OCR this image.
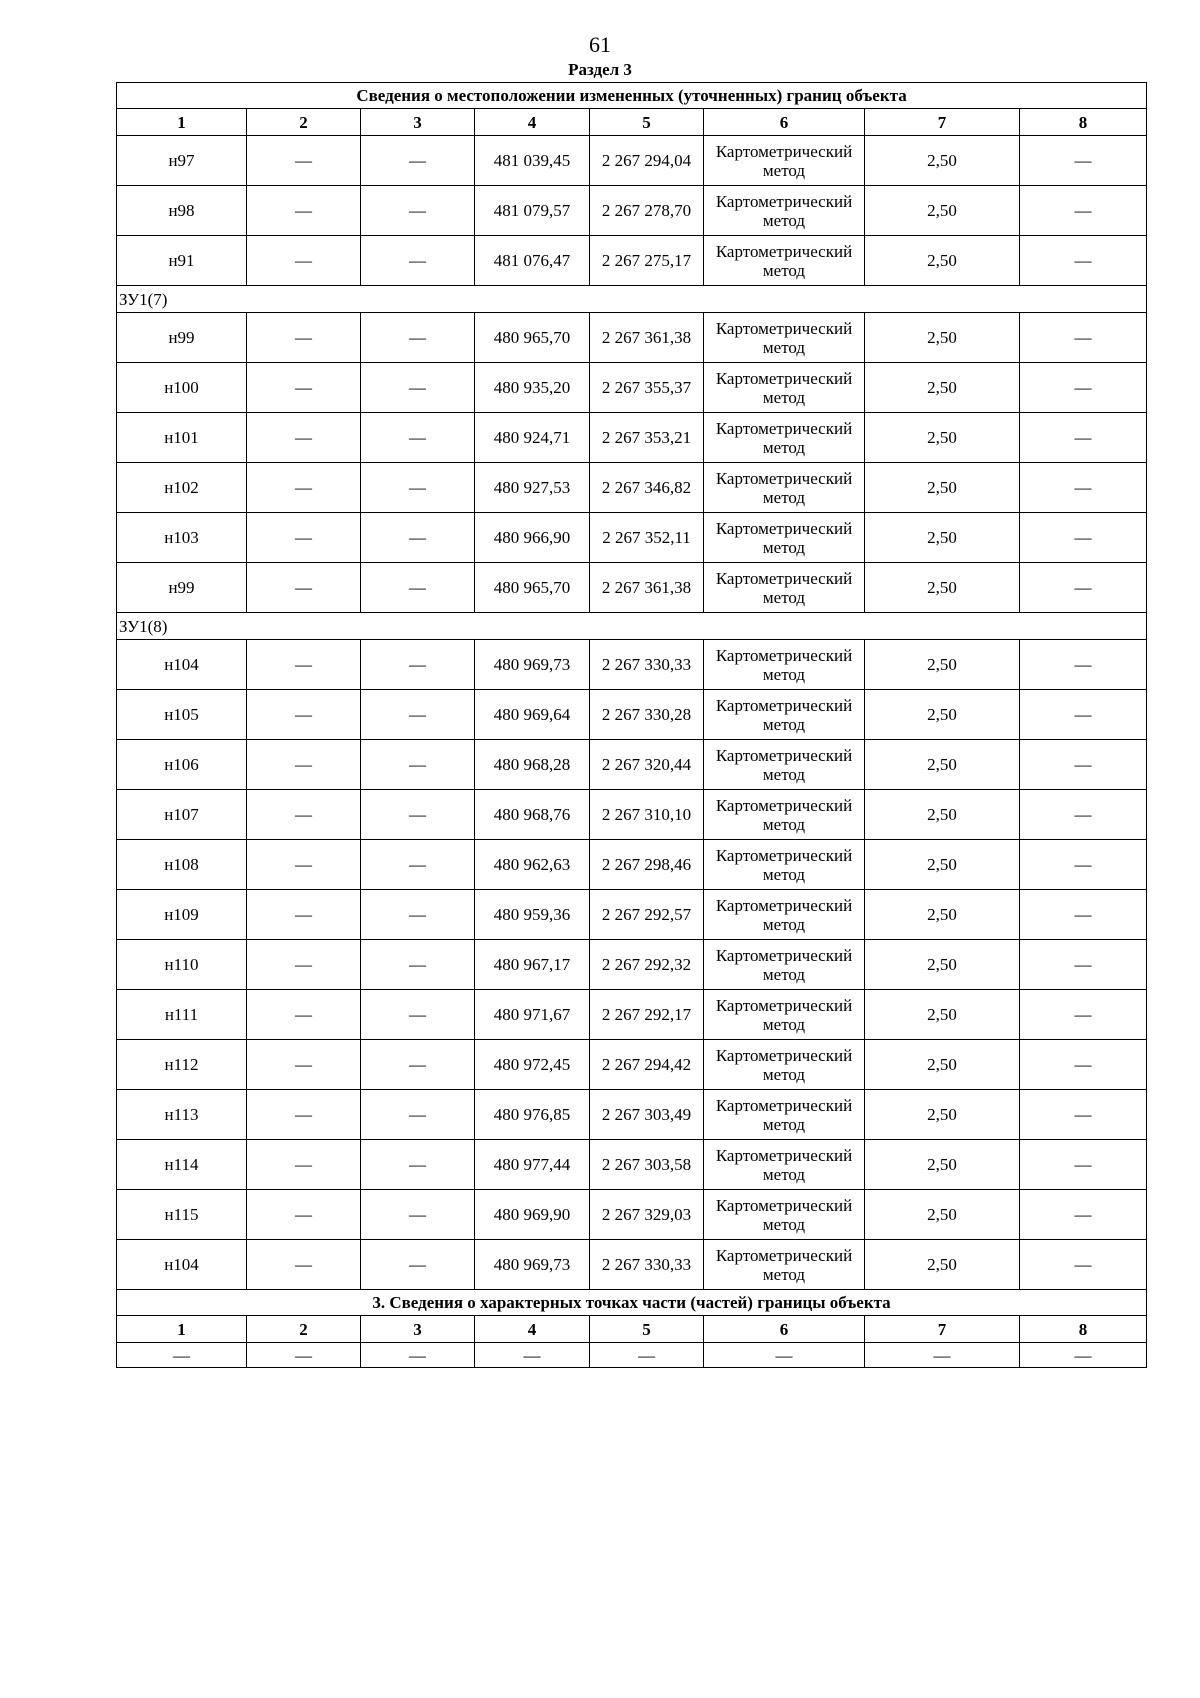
61
Раздел 3
Сведения о местоположении измененных (уточненных) границ объекта							
1	2	3	4	5	6	7	8
н97	—	—	481 039,45	2 267 294,04	Картометрический метод	2,50	—
н98	—	—	481 079,57	2 267 278,70	Картометрический метод	2,50	—
н91	—	—	481 076,47	2 267 275,17	Картометрический метод	2,50	—
ЗУ1(7)							
н99	—	—	480 965,70	2 267 361,38	Картометрический метод	2,50	—
н100	—	—	480 935,20	2 267 355,37	Картометрический метод	2,50	—
н101	—	—	480 924,71	2 267 353,21	Картометрический метод	2,50	—
н102	—	—	480 927,53	2 267 346,82	Картометрический метод	2,50	—
н103	—	—	480 966,90	2 267 352,11	Картометрический метод	2,50	—
н99	—	—	480 965,70	2 267 361,38	Картометрический метод	2,50	—
ЗУ1(8)							
н104	—	—	480 969,73	2 267 330,33	Картометрический метод	2,50	—
н105	—	—	480 969,64	2 267 330,28	Картометрический метод	2,50	—
н106	—	—	480 968,28	2 267 320,44	Картометрический метод	2,50	—
н107	—	—	480 968,76	2 267 310,10	Картометрический метод	2,50	—
н108	—	—	480 962,63	2 267 298,46	Картометрический метод	2,50	—
н109	—	—	480 959,36	2 267 292,57	Картометрический метод	2,50	—
н110	—	—	480 967,17	2 267 292,32	Картометрический метод	2,50	—
н111	—	—	480 971,67	2 267 292,17	Картометрический метод	2,50	—
н112	—	—	480 972,45	2 267 294,42	Картометрический метод	2,50	—
н113	—	—	480 976,85	2 267 303,49	Картометрический метод	2,50	—
н114	—	—	480 977,44	2 267 303,58	Картометрический метод	2,50	—
н115	—	—	480 969,90	2 267 329,03	Картометрический метод	2,50	—
н104	—	—	480 969,73	2 267 330,33	Картометрический метод	2,50	—
3. Сведения о характерных точках части (частей) границы объекта							
1	2	3	4	5	6	7	8
—	—	—	—	—	—	—	—
